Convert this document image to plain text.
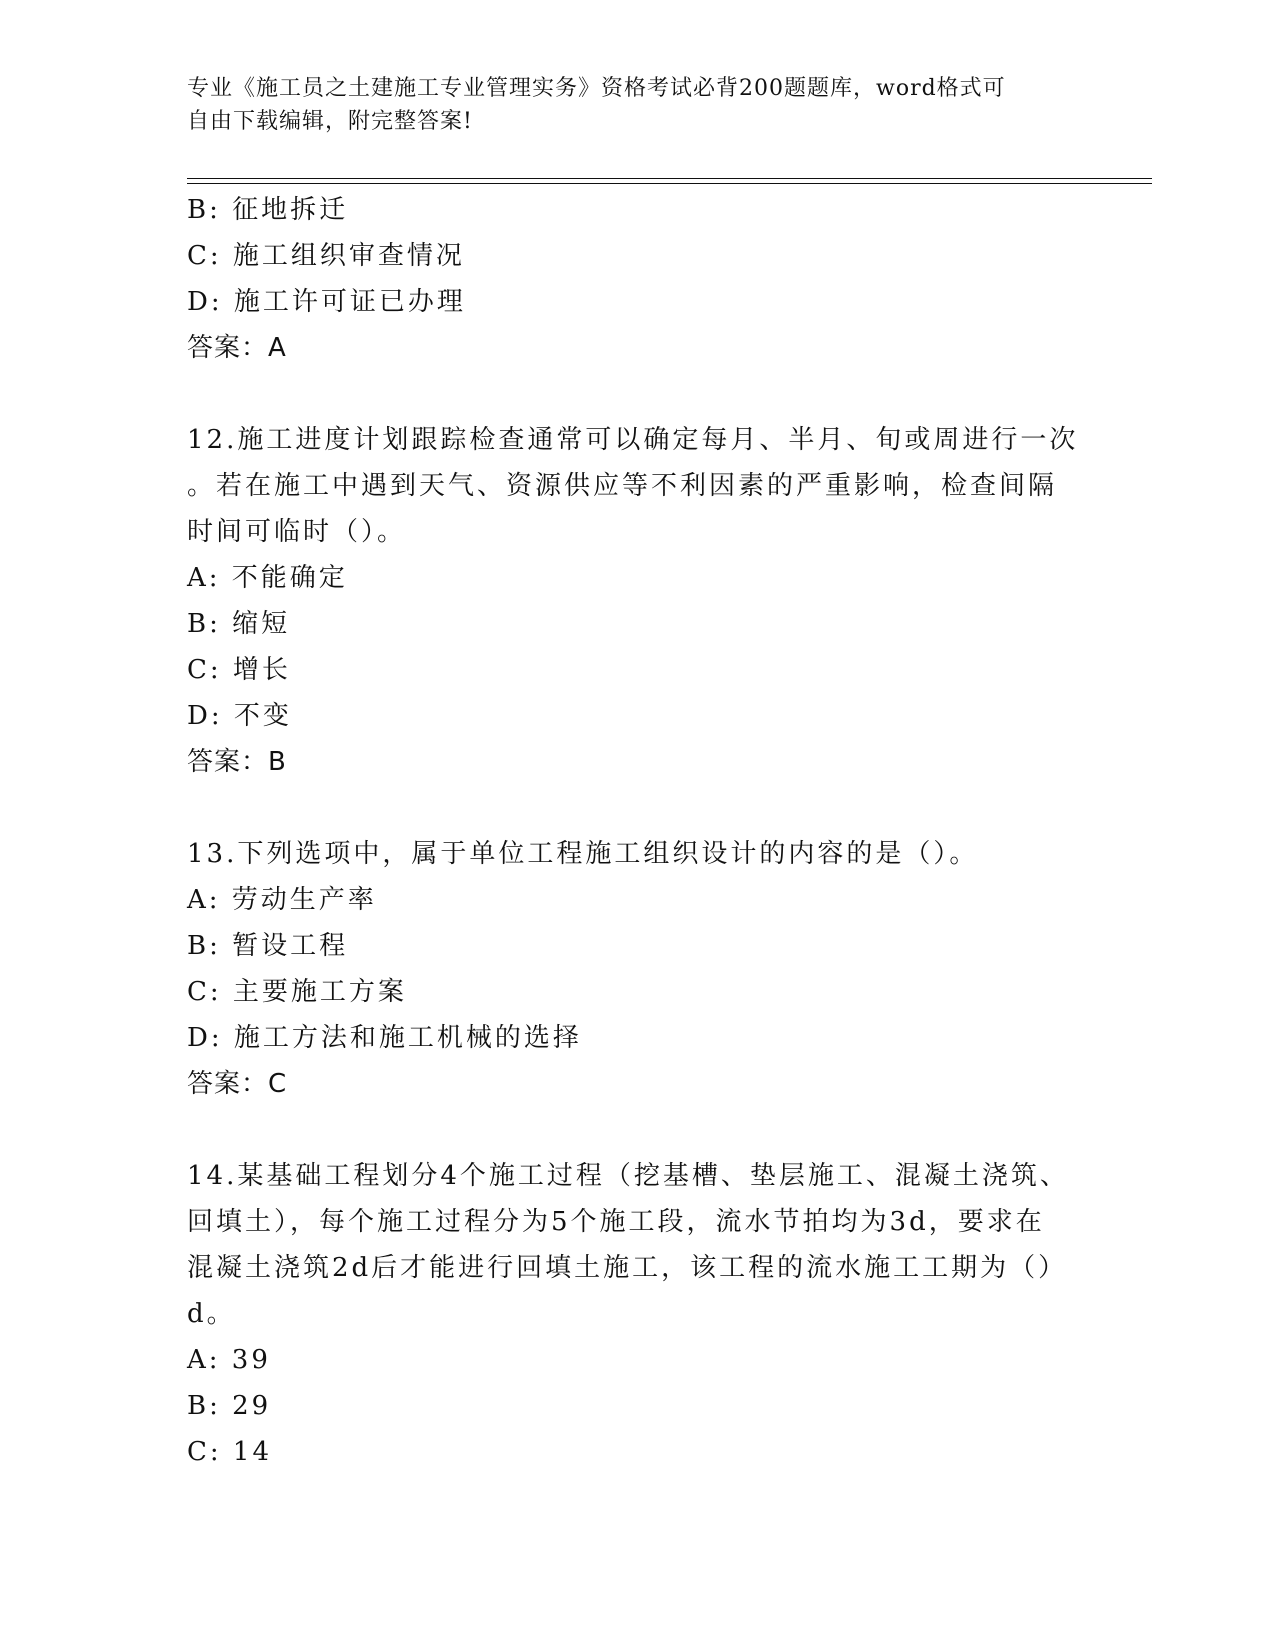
专业《施工员之土建施工专业管理实务》资格考试必背200题题库，word格式可
自由下载编辑，附完整答案!
B: 征地拆迁
C: 施工组织审查情况
D: 施工许可证已办理
答案：A
12.施工进度计划跟踪检查通常可以确定每月、半月、旬或周进行一次
。若在施工中遇到天气、资源供应等不利因素的严重影响，检查间隔
时间可临时（）。
A: 不能确定
B: 缩短
C: 增长
D: 不变
答案：B
13.下列选项中，属于单位工程施工组织设计的内容的是（）。
A: 劳动生产率
B: 暂设工程
C: 主要施工方案
D: 施工方法和施工机械的选择
答案：C
14.某基础工程划分4个施工过程（挖基槽、垫层施工、混凝土浇筑、
回填土），每个施工过程分为5个施工段，流水节拍均为3d，要求在
混凝土浇筑2d后才能进行回填土施工，该工程的流水施工工期为（）
d。
A: 39
B: 29
C: 14
